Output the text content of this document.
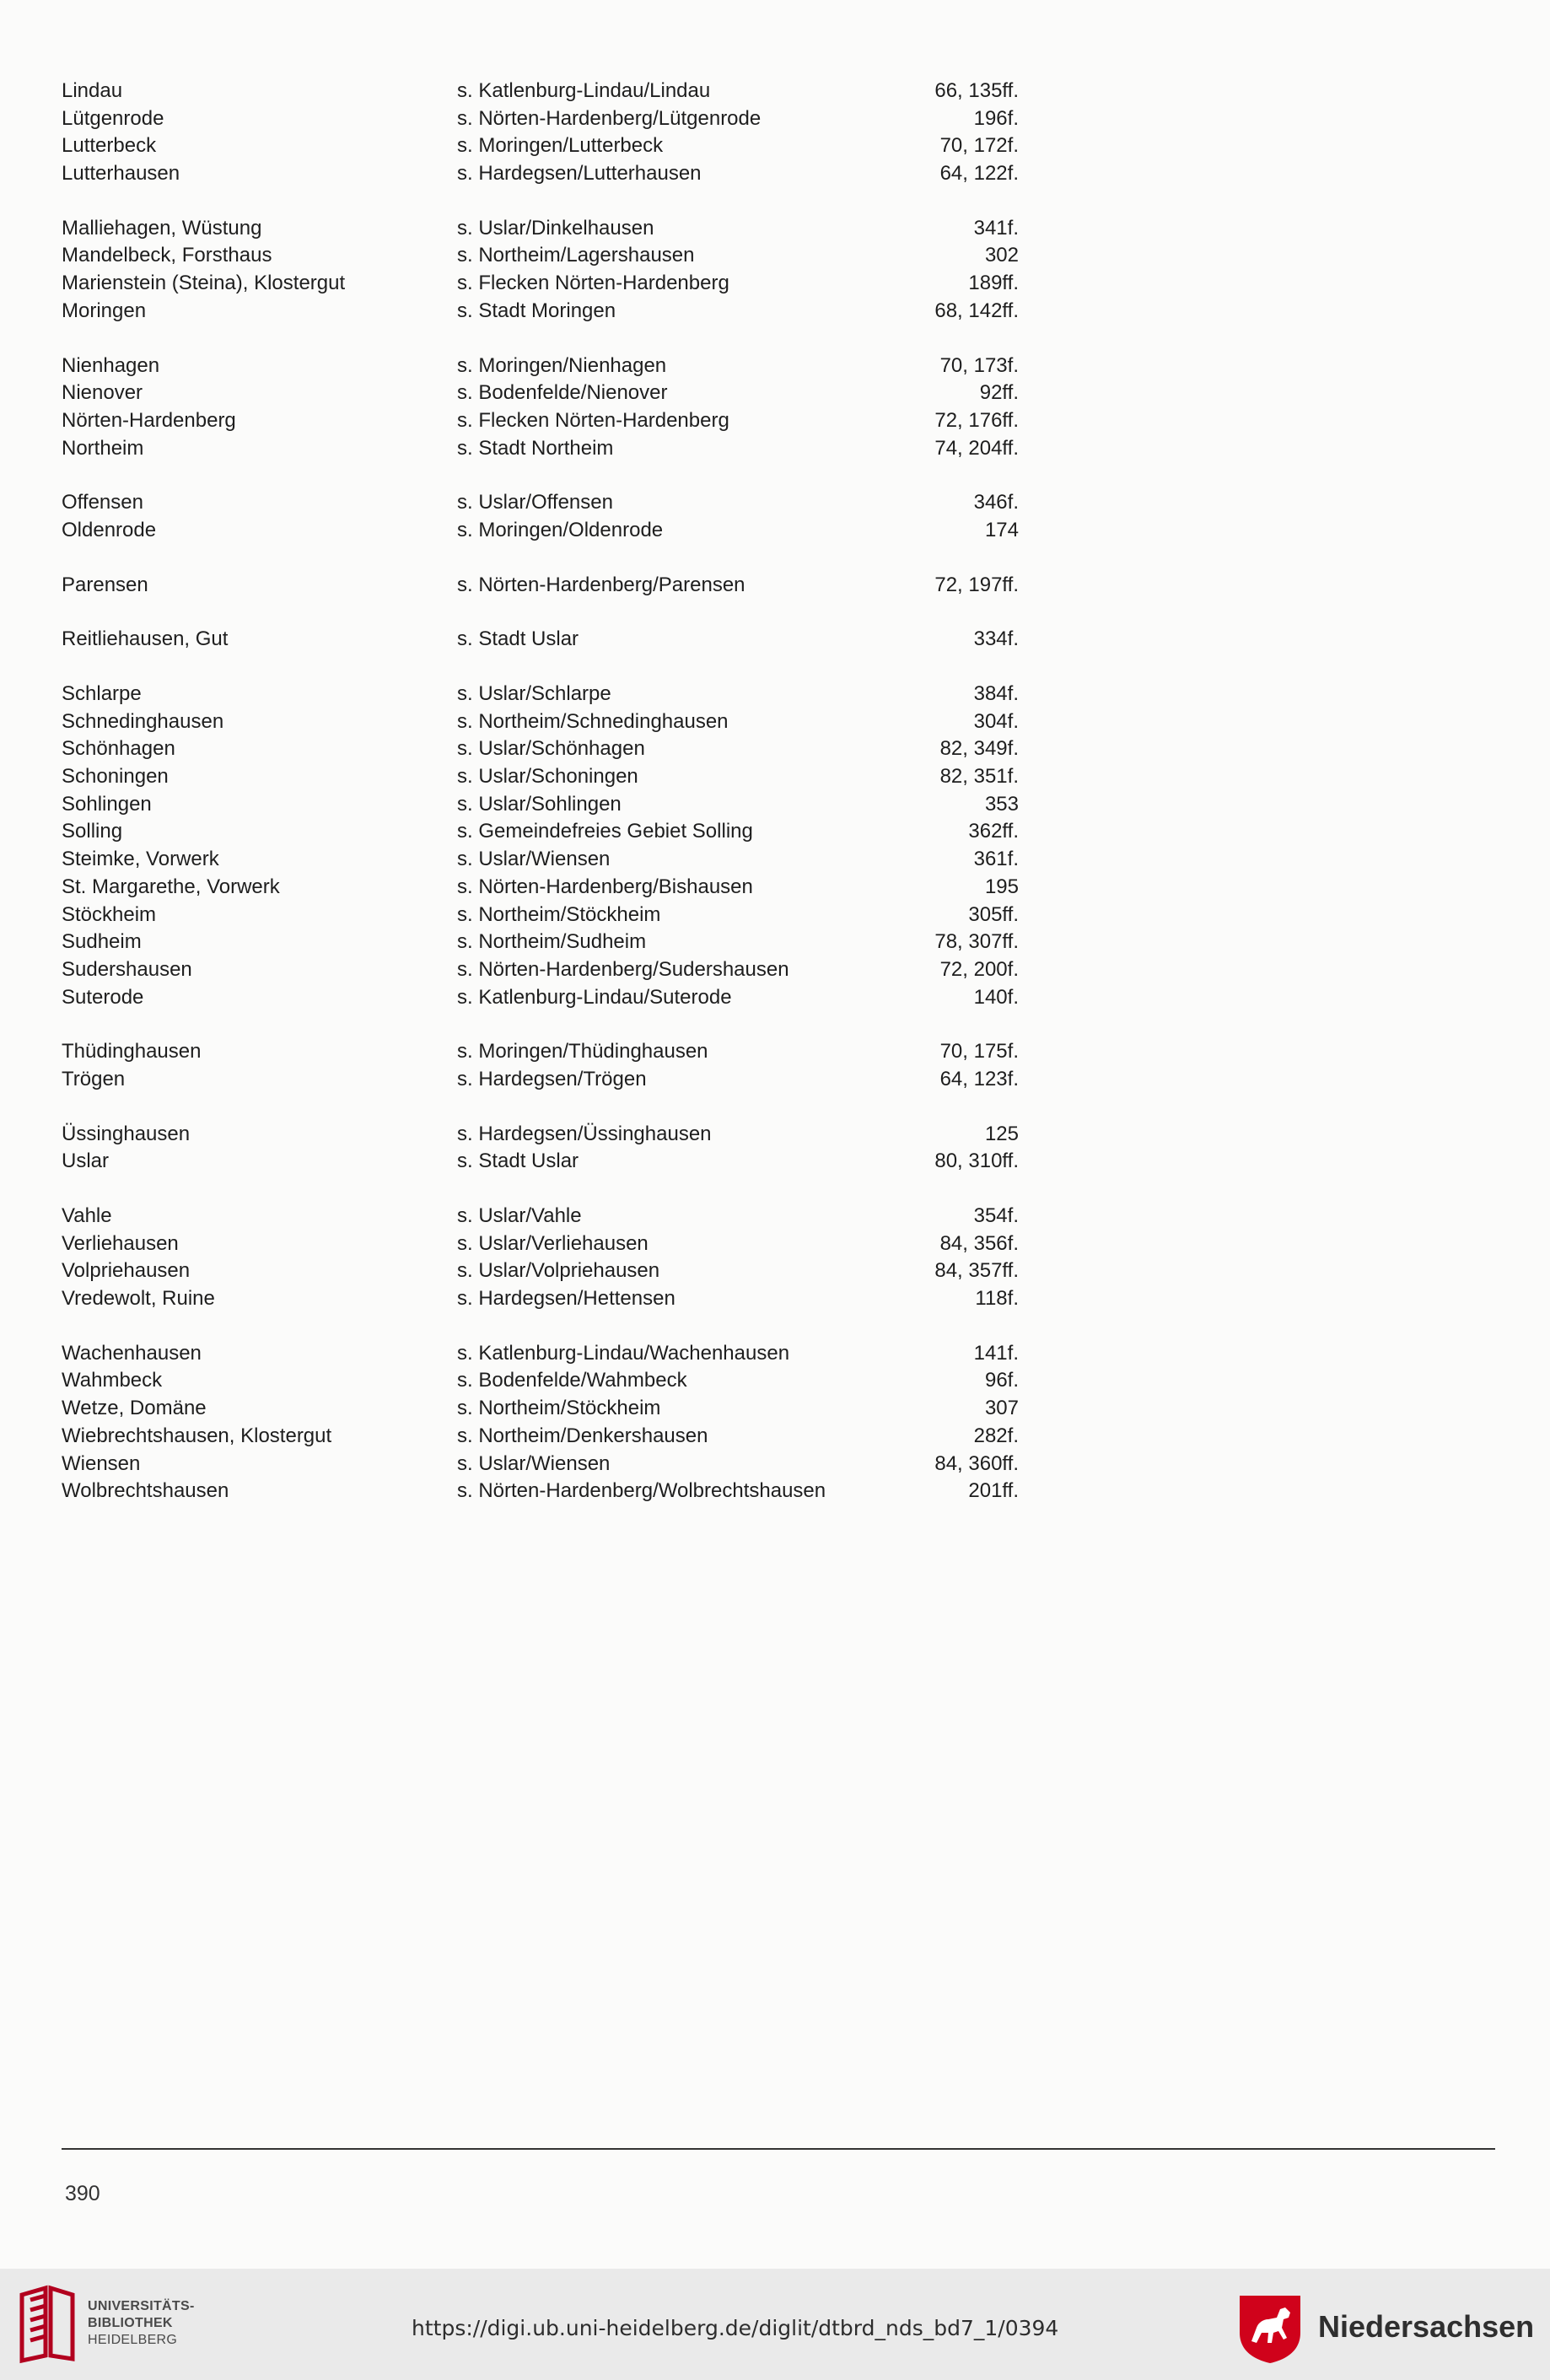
Lindau	s. Katlenburg-Lindau/Lindau	66, 135ff.
Lütgenrode	s. Nörten-Hardenberg/Lütgenrode	196f.
Lutterbeck	s. Moringen/Lutterbeck	70, 172f.
Lutterhausen	s. Hardegsen/Lutterhausen	64, 122f.
Malliehagen, Wüstung	s. Uslar/Dinkelhausen	341f.
Mandelbeck, Forsthaus	s. Northeim/Lagershausen	302
Marienstein (Steina), Klostergut	s. Flecken Nörten-Hardenberg	189ff.
Moringen	s. Stadt Moringen	68, 142ff.
Nienhagen	s. Moringen/Nienhagen	70, 173f.
Nienover	s. Bodenfelde/Nienover	92ff.
Nörten-Hardenberg	s. Flecken Nörten-Hardenberg	72, 176ff.
Northeim	s. Stadt Northeim	74, 204ff.
Offensen	s. Uslar/Offensen	346f.
Oldenrode	s. Moringen/Oldenrode	174
Parensen	s. Nörten-Hardenberg/Parensen	72, 197ff.
Reitliehausen, Gut	s. Stadt Uslar	334f.
Schlarpe	s. Uslar/Schlarpe	384f.
Schnedinghausen	s. Northeim/Schnedinghausen	304f.
Schönhagen	s. Uslar/Schönhagen	82, 349f.
Schoningen	s. Uslar/Schoningen	82, 351f.
Sohlingen	s. Uslar/Sohlingen	353
Solling	s. Gemeindefreies Gebiet Solling	362ff.
Steimke, Vorwerk	s. Uslar/Wiensen	361f.
St. Margarethe, Vorwerk	s. Nörten-Hardenberg/Bishausen	195
Stöckheim	s. Northeim/Stöckheim	305ff.
Sudheim	s. Northeim/Sudheim	78, 307ff.
Sudershausen	s. Nörten-Hardenberg/Sudershausen	72, 200f.
Suterode	s. Katlenburg-Lindau/Suterode	140f.
Thüdinghausen	s. Moringen/Thüdinghausen	70, 175f.
Trögen	s. Hardegsen/Trögen	64, 123f.
Üssinghausen	s. Hardegsen/Üssinghausen	125
Uslar	s. Stadt Uslar	80, 310ff.
Vahle	s. Uslar/Vahle	354f.
Verliehausen	s. Uslar/Verliehausen	84, 356f.
Volpriehausen	s. Uslar/Volpriehausen	84, 357ff.
Vredewolt, Ruine	s. Hardegsen/Hettensen	118f.
Wachenhausen	s. Katlenburg-Lindau/Wachenhausen	141f.
Wahmbeck	s. Bodenfelde/Wahmbeck	96f.
Wetze, Domäne	s. Northeim/Stöckheim	307
Wiebrechtshausen, Klostergut	s. Northeim/Denkershausen	282f.
Wiensen	s. Uslar/Wiensen	84, 360ff.
Wolbrechtshausen	s. Nörten-Hardenberg/Wolbrechtshausen	201ff.
390
UNIVERSITÄTS-
BIBLIOTHEK
HEIDELBERG	https://digi.ub.uni-heidelberg.de/diglit/dtbrd_nds_bd7_1/0394	Niedersachsen
